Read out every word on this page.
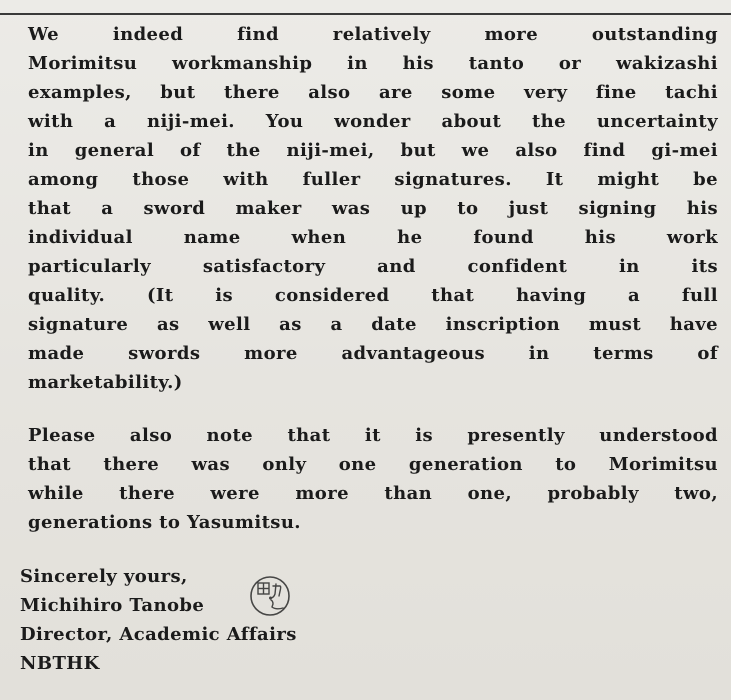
We indeed find relatively more outstanding
Morimitsu workmanship in his tanto or wakizashi
examples, but there also are some very fine tachi
with a niji-mei. You wonder about the uncertainty
in general of the niji-mei, but we also find gi-mei
among those with fuller signatures. It might be
that a sword maker was up to just signing his
individual name when he found his work
particularly satisfactory and confident in its
quality. (It is considered that having a full
signature as well as a date inscription must have
made swords more advantageous in terms of
marketability.)
Please also note that it is presently understood
that there was only one generation to Morimitsu
while there were more than one, probably two,
generations to Yasumitsu.
Sincerely yours,
Michihiro Tanobe
Director, Academic Affairs
NBTHK
